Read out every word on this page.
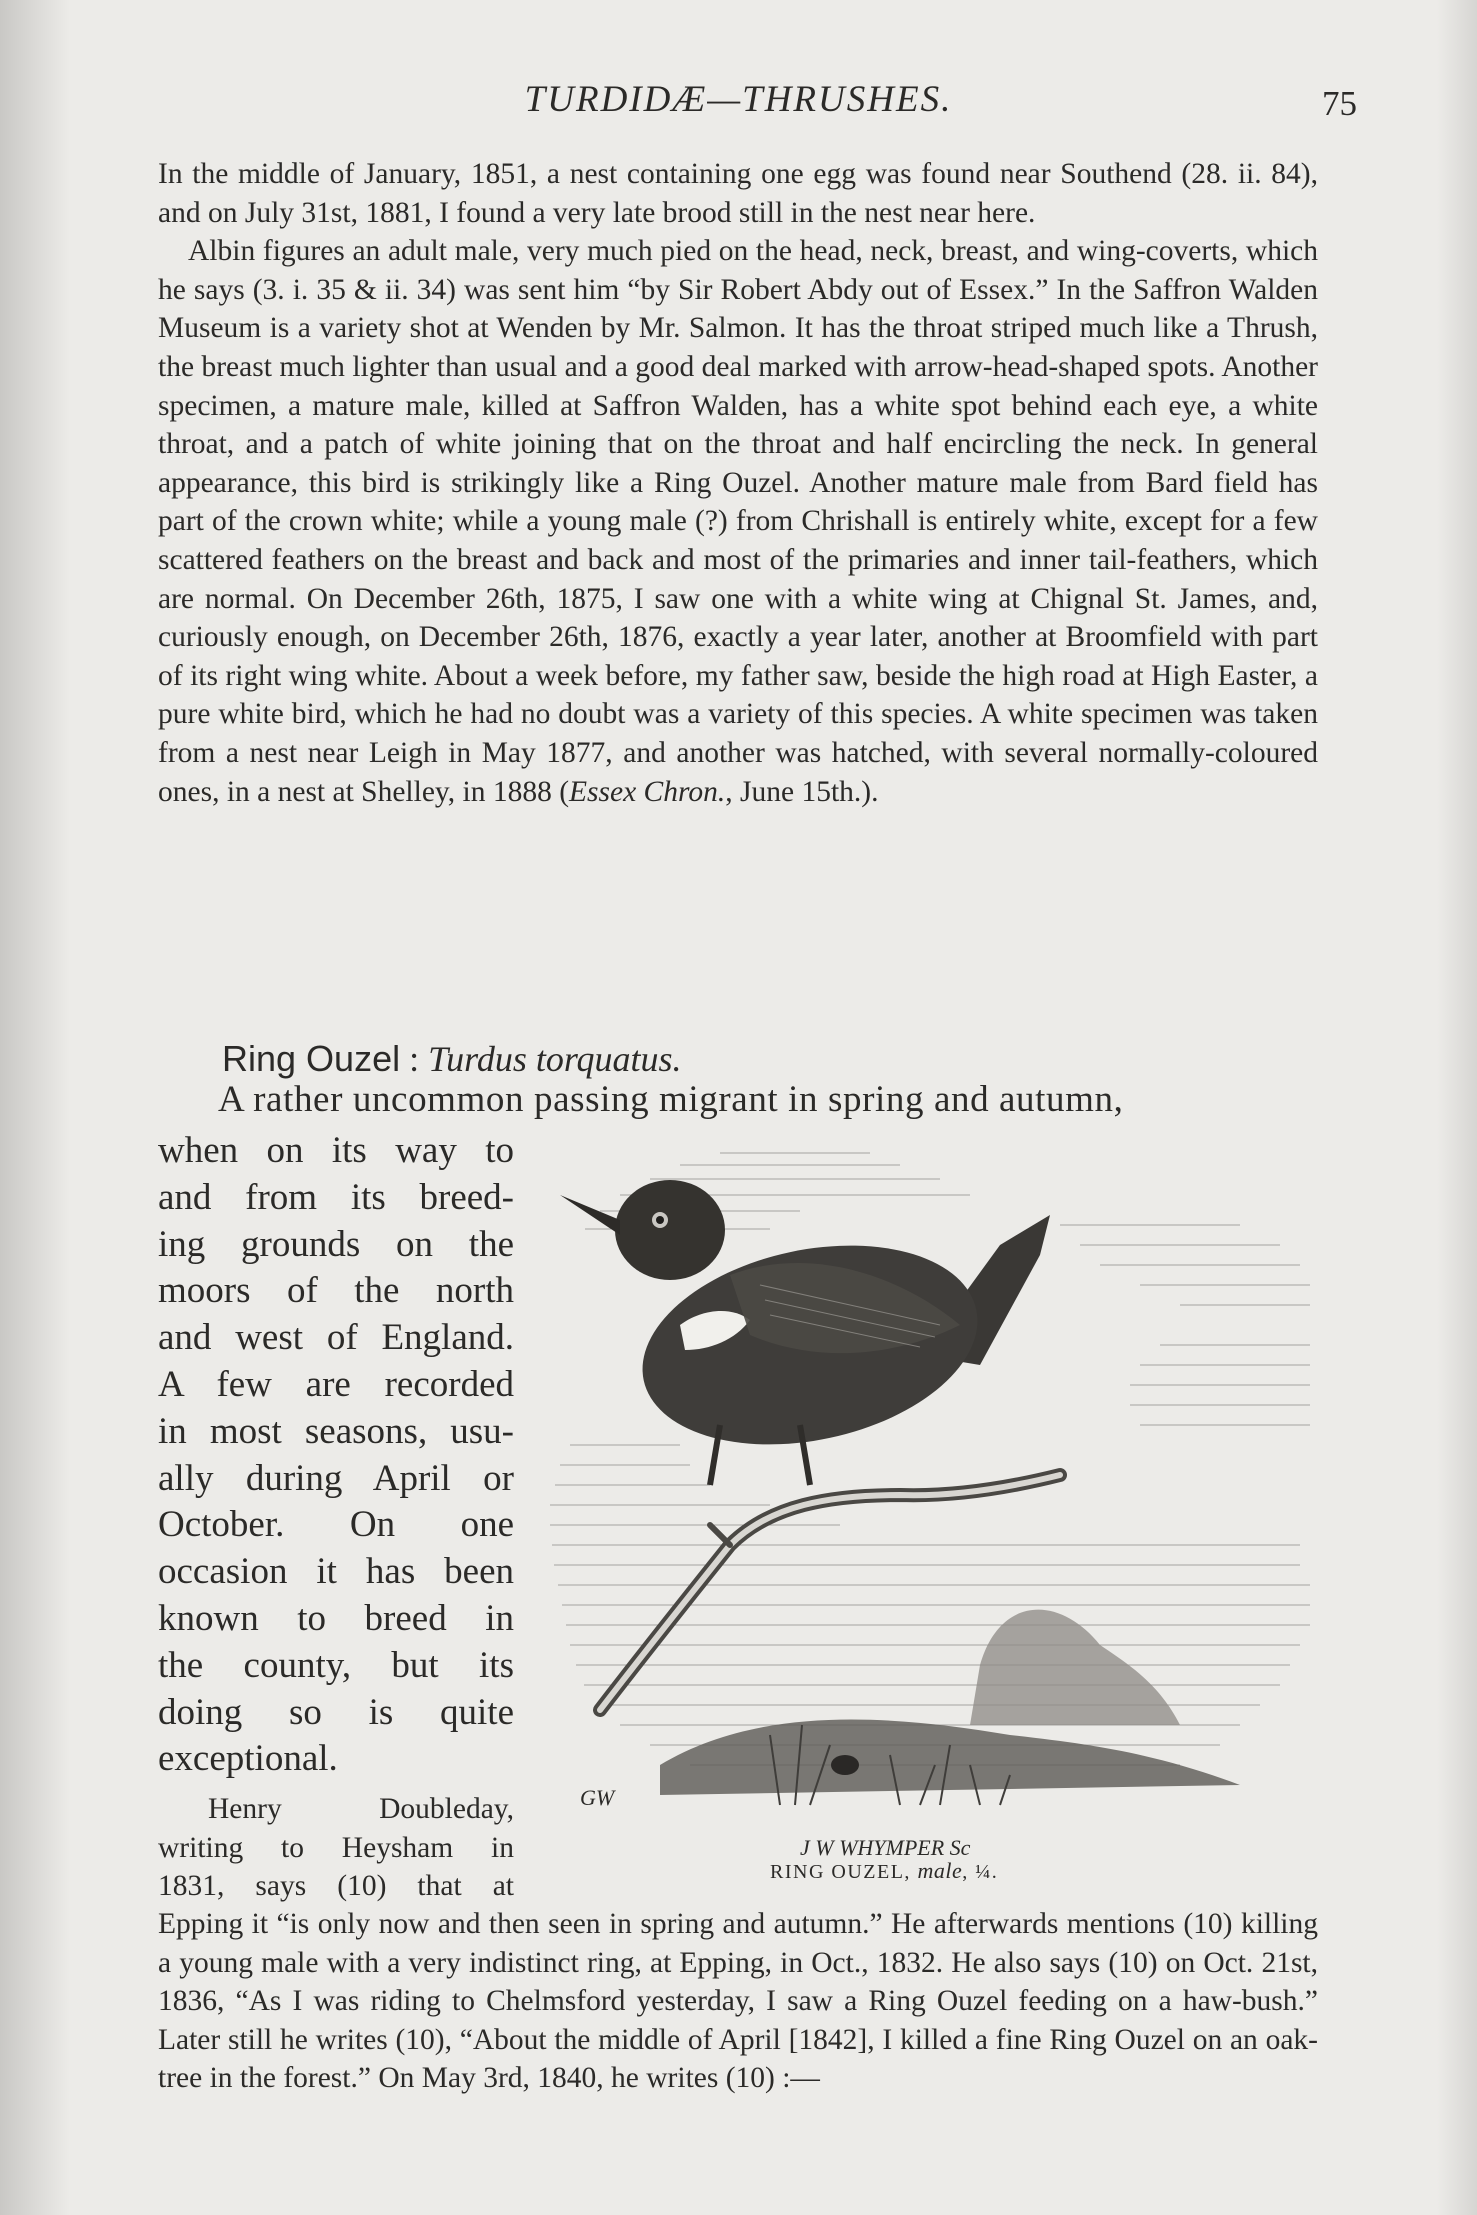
TURDIDÆ—THRUSHES.	75

In the middle of January, 1851, a nest containing one egg was found near Southend (28. ii. 84), and on July 31st, 1881, I found a very late brood still in the nest near here.

Albin figures an adult male, very much pied on the head, neck, breast, and wing-coverts, which he says (3. i. 35 & ii. 34) was sent him “by Sir Robert Abdy out of Essex.” In the Saffron Walden Museum is a variety shot at Wenden by Mr. Salmon. It has the throat striped much like a Thrush, the breast much lighter than usual and a good deal marked with arrow-head-shaped spots. Another specimen, a mature male, killed at Saffron Walden, has a white spot behind each eye, a white throat, and a patch of white joining that on the throat and half encircling the neck. In general appearance, this bird is strikingly like a Ring Ouzel. Another mature male from Bard field has part of the crown white; while a young male (?) from Chrishall is entirely white, except for a few scattered feathers on the breast and back and most of the primaries and inner tail-feathers, which are normal. On December 26th, 1875, I saw one with a white wing at Chignal St. James, and, curiously enough, on December 26th, 1876, exactly a year later, another at Broomfield with part of its right wing white. About a week before, my father saw, beside the high road at High Easter, a pure white bird, which he had no doubt was a variety of this species. A white specimen was taken from a nest near Leigh in May 1877, and another was hatched, with several normally-coloured ones, in a nest at Shelley, in 1888 (Essex Chron., June 15th.).

Ring Ouzel : Turdus torquatus.
A rather uncommon passing migrant in spring and autumn,
when on its way to
and from its breed-
ing grounds on the
moors of the north
and west of England.
A few are recorded
in most seasons, usu-
ally during April or
October. On one
occasion it has been
known to breed in
the county, but its
doing so is quite
exceptional.
Henry Doubleday,
writing to Heysham in
1831, says (10) that at

Epping it “is only now and then seen in spring and autumn.” He afterwards mentions (10) killing a young male with a very indistinct ring, at Epping, in Oct., 1832. He also says (10) on Oct. 21st, 1836, “As I was riding to Chelmsford yesterday, I saw a Ring Ouzel feeding on a haw-bush.” Later still he writes (10), “About the middle of April [1842], I killed a fine Ring Ouzel on an oak-tree in the forest.” On May 3rd, 1840, he writes (10) :—

J W WHYMPER Sc
GW
RING OUZEL, male, ¼.
